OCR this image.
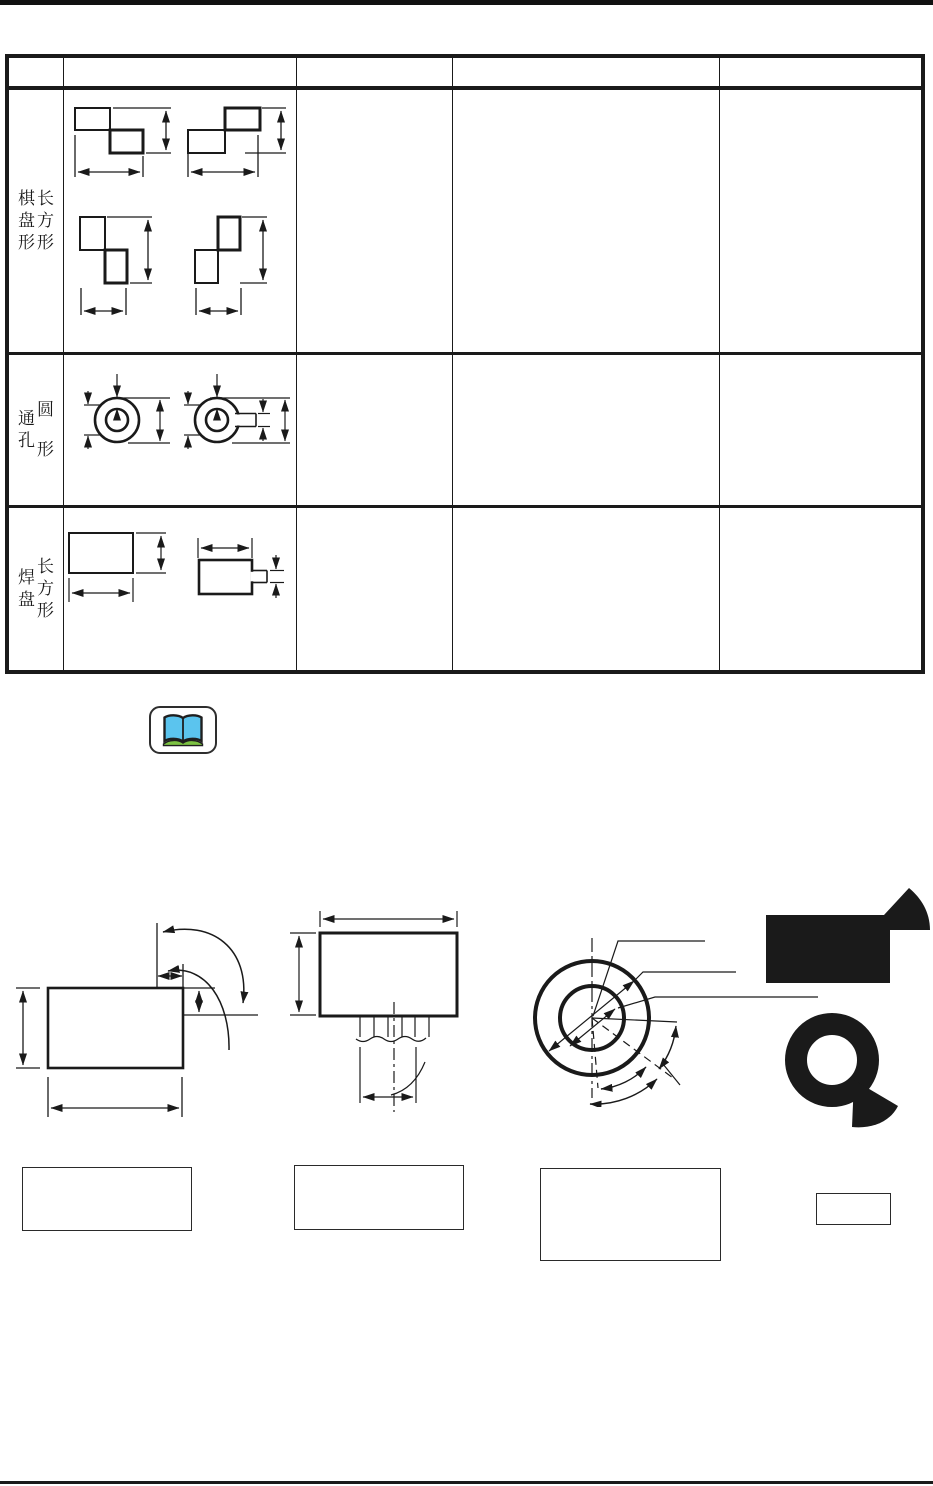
棋盘形
长方形
通孔
圆形
焊盘
长方形
